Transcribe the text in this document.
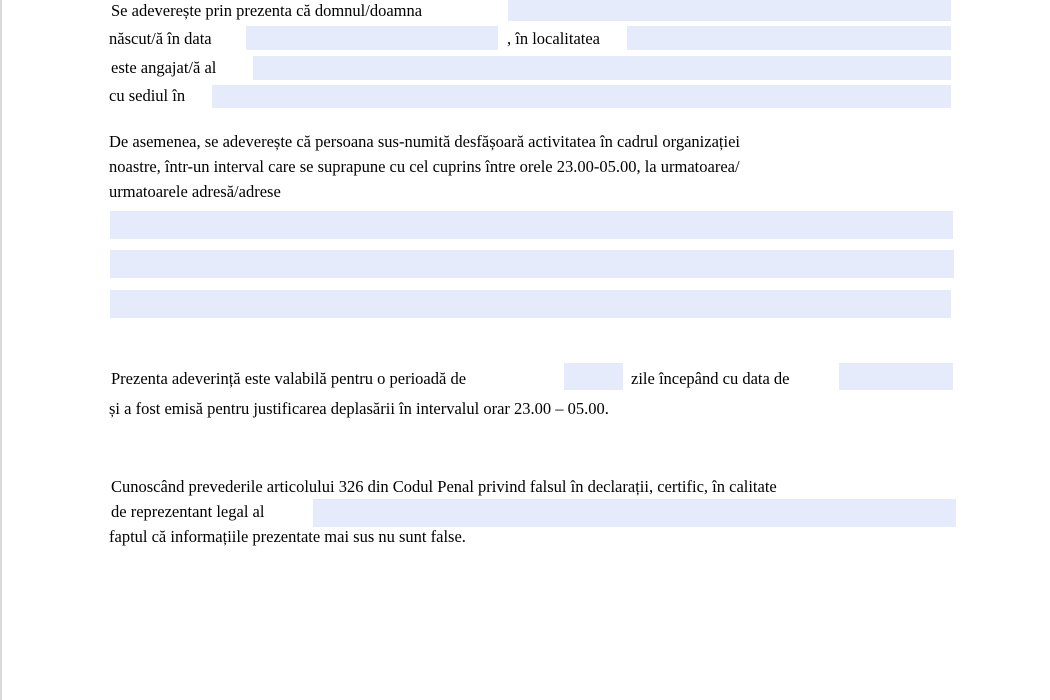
Se adeverește prin prezenta că domnul/doamna
născut/ă în data	, în localitatea
este angajat/ă al
cu sediul în
De asemenea, se adeverește că persoana sus-numită desfășoară activitatea în cadrul organizației
noastre, într-un interval care se suprapune cu cel cuprins între orele 23.00-05.00, la urmatoarea/
urmatoarele adresă/adrese
Prezenta adeverință este valabilă pentru o perioadă de	zile începând cu data de
și a fost emisă pentru justificarea deplasării în intervalul orar 23.00 – 05.00.
Cunoscând prevederile articolului 326 din Codul Penal privind falsul în declarații, certific, în calitate
de reprezentant legal al
faptul că informațiile prezentate mai sus nu sunt false.
